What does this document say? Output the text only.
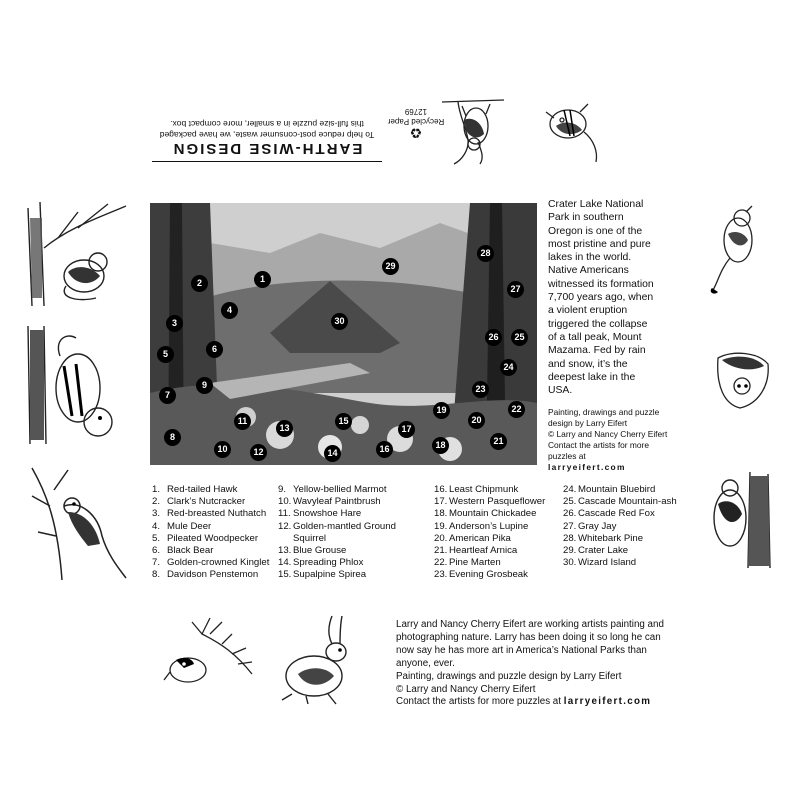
EARTH-WISE DESIGN
To help reduce post-consumer waste, we have packaged this full-size puzzle in a smaller, more compact box.
♻
Recycled Paper
12769
1
2
3
4
5	6
7
8
9
10
11
12
13
14
15
16
17
18
19
20
21
22
23
24
25
26
27
28
29
30
Crater Lake National Park in southern Oregon is one of the most pristine and pure lakes in the world. Native Americans witnessed its formation 7,700 years ago, when a violent eruption triggered the collapse of a tall peak, Mount Mazama. Fed by rain and snow, it’s the deepest lake in the USA.
Painting, drawings and puzzle design by Larry Eifert
© Larry and Nancy Cherry Eifert
Contact the artists for more puzzles at
larryeifert.com
1. Red-tailed Hawk
2. Clark’s Nutcracker
3. Red-breasted Nuthatch
4. Mule Deer
5. Pileated Woodpecker
6. Black Bear
7. Golden-crowned Kinglet
8. Davidson Penstemon
9. Yellow-bellied Marmot
10. Wavyleaf Paintbrush
11. Snowshoe Hare
12. Golden-mantled Ground Squirrel
13. Blue Grouse
14. Spreading Phlox
15. Supalpine Spirea
16. Least Chipmunk
17. Western Pasqueflower
18. Mountain Chickadee
19. Anderson’s Lupine
20. American Pika
21. Heartleaf Arnica
22. Pine Marten
23. Evening Grosbeak
24. Mountain Bluebird
25. Cascade Mountain-ash
26. Cascade Red Fox
27. Gray Jay
28. Whitebark Pine
29. Crater Lake
30. Wizard Island
Larry and Nancy Cherry Eifert are working artists painting and photographing nature. Larry has been doing it so long he can now say he has more art in America’s National Parks than anyone, ever.
Painting, drawings and puzzle design by Larry Eifert
© Larry and Nancy Cherry Eifert
Contact the artists for more puzzles at larryeifert.com
